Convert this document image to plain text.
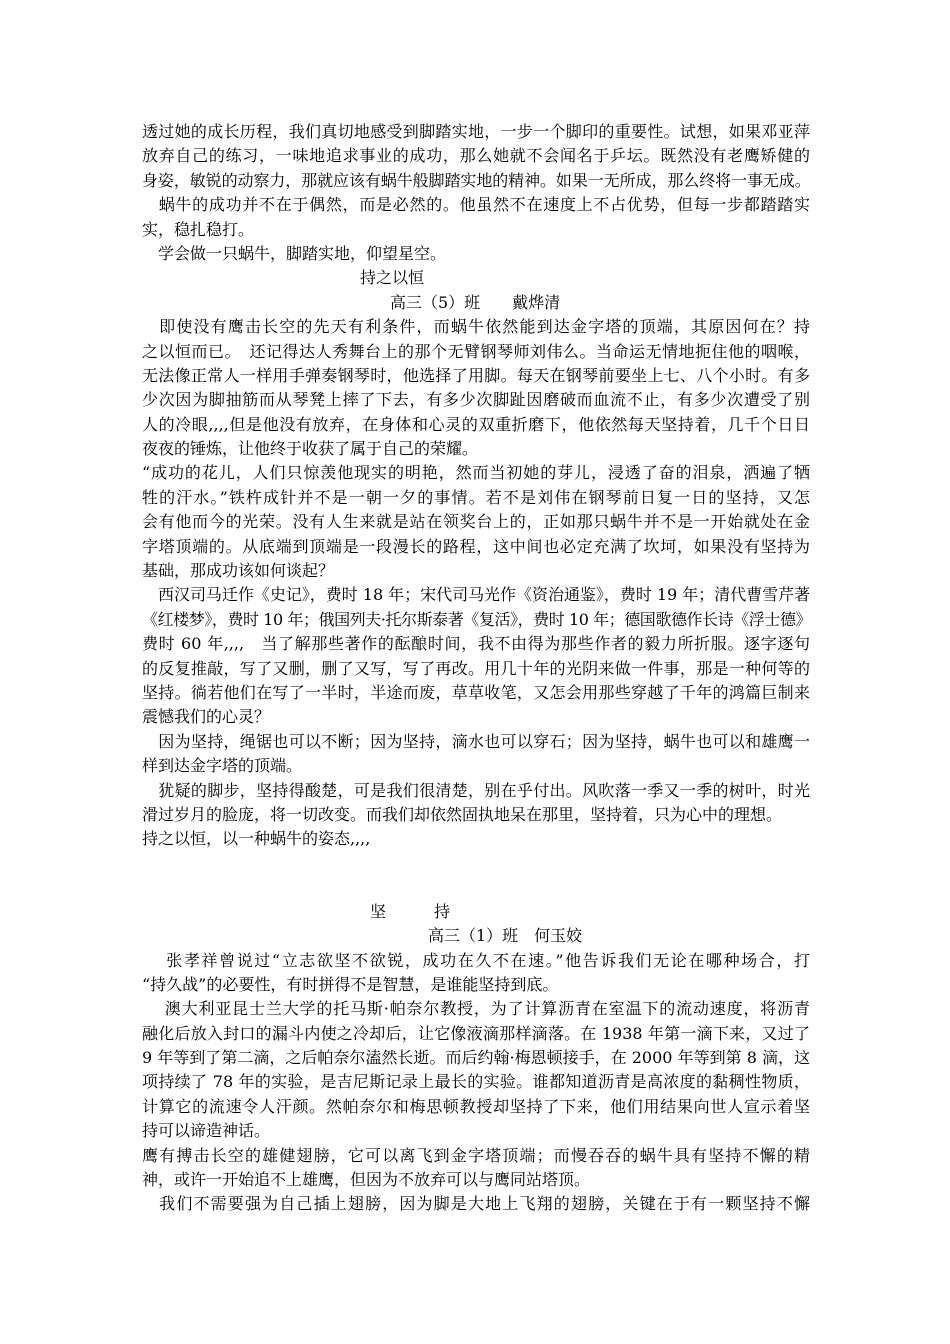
透过她的成长历程，我们真切地感受到脚踏实地，一步一个脚印的重要性。试想，如果邓亚萍
放弃自己的练习，一味地追求事业的成功，那么她就不会闻名于乒坛。既然没有老鹰矫健的
身姿，敏锐的动察力，那就应该有蜗牛般脚踏实地的精神。如果一无所成，那么终将一事无成。
　蜗牛的成功并不在于偶然，而是必然的。他虽然不在速度上不占优势，但每一步都踏踏实
实，稳扎稳打。
　学会做一只蜗牛，脚踏实地，仰望星空。
持之以恒
高三（5）班　　戴烨清
　即使没有鹰击长空的先天有利条件，而蜗牛依然能到达金字塔的顶端，其原因何在？持
之以恒而已。　还记得达人秀舞台上的那个无臂钢琴师刘伟么。当命运无情地扼住他的咽喉，
无法像正常人一样用手弹奏钢琴时，他选择了用脚。每天在钢琴前要坐上七、八个小时。有多
少次因为脚抽筋而从琴凳上摔了下去，有多少次脚趾因磨破而血流不止，有多少次遭受了别
人的冷眼,,,,但是他没有放弃，在身体和心灵的双重折磨下，他依然每天坚持着，几千个日日
夜夜的锤炼，让他终于收获了属于自己的荣耀。
“成功的花儿，人们只惊羡他现实的明艳，然而当初她的芽儿，浸透了奋的泪泉，洒遍了牺
牲的汗水。”铁杵成针并不是一朝一夕的事情。若不是刘伟在钢琴前日复一日的坚持，又怎
会有他而今的光荣。没有人生来就是站在领奖台上的，正如那只蜗牛并不是一开始就处在金
字塔顶端的。从底端到顶端是一段漫长的路程，这中间也必定充满了坎坷，如果没有坚持为
基础，那成功该如何谈起？
　西汉司马迁作《史记》，费时 18 年；宋代司马光作《资治通鉴》，费时 19 年；清代曹雪芹著
《红楼梦》，费时 10 年；俄国列夫·托尔斯泰著《复活》，费时 10 年；德国歌德作长诗《浮士德》
费时 60 年,,,,　当了解那些著作的酝酿时间，我不由得为那些作者的毅力所折服。逐字逐句
的反复推敲，写了又删，删了又写，写了再改。用几十年的光阴来做一件事，那是一种何等的
坚持。徜若他们在写了一半时，半途而废，草草收笔，又怎会用那些穿越了千年的鸿篇巨制来
震憾我们的心灵？
　因为坚持，绳锯也可以不断；因为坚持，滴水也可以穿石；因为坚持，蜗牛也可以和雄鹰一
样到达金字塔的顶端。
　犹疑的脚步，坚持得酸楚，可是我们很清楚，别在乎付出。风吹落一季又一季的树叶，时光
滑过岁月的脸庞，将一切改变。而我们却依然固执地呆在那里，坚持着，只为心中的理想。
持之以恒，以一种蜗牛的姿态,,,,
坚　　　持
高三（1）班　何玉姣
　 张孝祥曾说过“立志欲坚不欲锐，成功在久不在速。”他告诉我们无论在哪种场合，打
“持久战”的必要性，有时拼得不是智慧，是谁能坚持到底。
　 澳大利亚昆士兰大学的托马斯·帕奈尔教授，为了计算沥青在室温下的流动速度，将沥青
融化后放入封口的漏斗内使之冷却后，让它像液滴那样滴落。在 1938 年第一滴下来，又过了
9 年等到了第二滴，之后帕奈尔溘然长逝。而后约翰·梅恩顿接手，在 2000 年等到第 8 滴，这
项持续了 78 年的实验，是吉尼斯记录上最长的实验。谁都知道沥青是高浓度的黏稠性物质，
计算它的流速令人汗颜。然帕奈尔和梅思顿教授却坚持了下来，他们用结果向世人宣示着坚
持可以谛造神话。
鹰有搏击长空的雄健翅膀，它可以离飞到金字塔顶端；而慢吞吞的蜗牛具有坚持不懈的精
神，或许一开始追不上雄鹰，但因为不放弃可以与鹰同站塔顶。
　我们不需要强为自己插上翅膀，因为脚是大地上飞翔的翅膀，关键在于有一颗坚持不懈
